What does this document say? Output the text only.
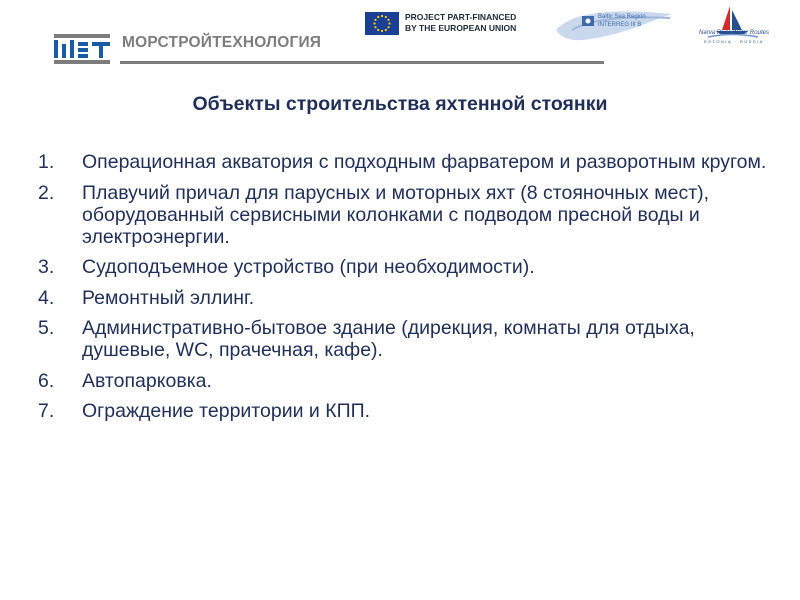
МОРСТРОЙТЕХНОЛОГИЯ
PROJECT PART-FINANCED
BY THE EUROPEAN UNION
Baltic Sea Region
INTERREG III B
Narva River Water Routes
ESTONIA · RUSSIA
Объекты строительства яхтенной стоянки
1. Операционная акватория с подходным фарватером и разворотным кругом.
2. Плавучий причал для парусных и моторных яхт (8 стояночных мест), оборудованный сервисными колонками с подводом пресной воды и электроэнергии.
3. Судоподъемное устройство (при необходимости).
4. Ремонтный эллинг.
5. Административно-бытовое здание (дирекция, комнаты для отдыха, душевые, WC, прачечная, кафе).
6. Автопарковка.
7. Ограждение территории и КПП.
